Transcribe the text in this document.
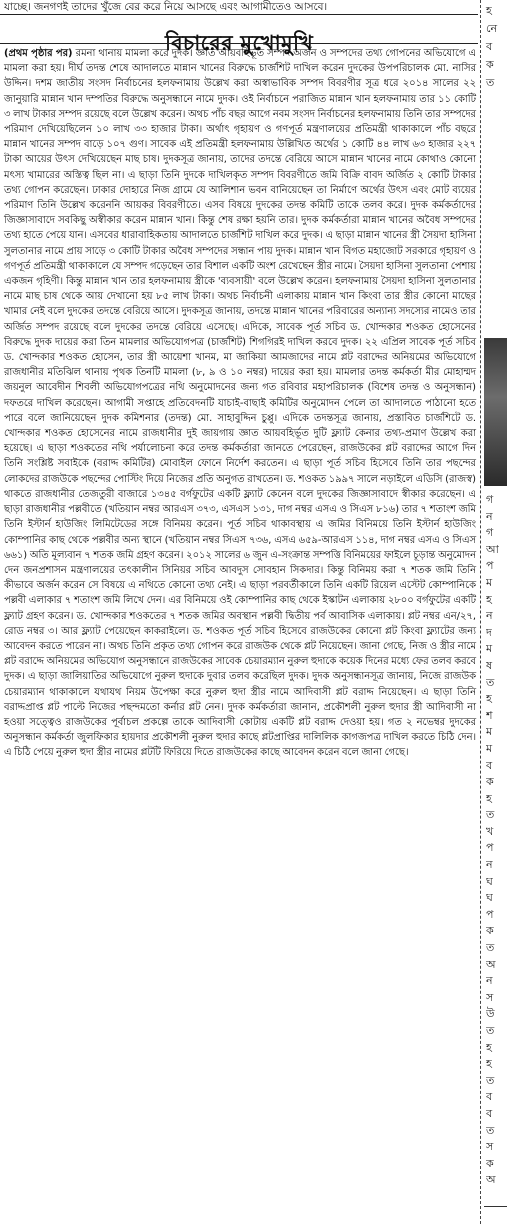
যাচ্ছে। জনগণই তাদের খুঁজে বের করে নিয়ে আসছে এবং আগামীতেও আসবে।
বিচারের মুখোমুখি

(প্রথম পৃষ্ঠার পর) রমনা থানায় মামলা করে দুদক। জ্ঞাত আয়বহির্ভূত সম্পদ অর্জন ও সম্পদের তথ্য গোপনের অভিযোগে এ মামলা করা হয়। দীর্ঘ তদন্ত শেষে আদালতে মান্নান খানের বিরুদ্ধে চার্জশিট দাখিল করেন দুদকের উপপরিচালক মো. নাসির উদ্দিন। দশম জাতীয় সংসদ নির্বাচনের হলফনামায় উল্লেখ করা অস্বাভাবিক সম্পদ বিবরণীর সূত্র ধরে ২০১৪ সালের ২২ জানুয়ারি মান্নান খান দম্পতির বিরুদ্ধে অনুসন্ধানে নামে দুদক। ওই নির্বাচনে পরাজিত মান্নান খান হলফনামায় তার ১১ কোটি ৩ লাখ টাকার সম্পদ রয়েছে বলে উল্লেখ করেন। অথচ পাঁচ বছর আগে নবম সংসদ নির্বাচনের হলফনামায় তিনি তার সম্পদের পরিমাণ দেখিয়েছিলেন ১০ লাখ ৩৩ হাজার টাকা। অর্থাৎ গৃহায়ণ ও গণপূর্ত মন্ত্রণালয়ের প্রতিমন্ত্রী থাকাকালে পাঁচ বছরে মান্নান খানের সম্পদ বাড়ে ১০৭ গুণ। সাবেক এই প্রতিমন্ত্রী হলফনামায় উল্লিখিত অর্থের ১ কোটি ৪৪ লাখ ৬৩ হাজার ২২৭ টাকা আয়ের উৎস দেখিয়েছেন মাছ চাষ। দুদকসূত্র জানায়, তাদের তদন্তে বেরিয়ে আসে মান্নান খানের নামে কোথাও কোনো মৎস্য খামারের অস্তিত্ব ছিল না। এ ছাড়া তিনি দুদকে দাখিলকৃত সম্পদ বিবরণীতে জমি বিক্রি বাবদ অর্জিত ২ কোটি টাকার তথ্য গোপন করেছেন। ঢাকার দোহারে নিজ গ্রামে যে আলিশান ভবন বানিয়েছেন তা নির্মাণে অর্থের উৎস এবং মোট ব্যয়ের পরিমাণ তিনি উল্লেখ করেননি আয়কর বিবরণীতে। এসব বিষয়ে দুদকের তদন্ত কমিটি তাকে তলব করে। দুদক কর্মকর্তাদের জিজ্ঞাসাবাদে সবকিছু অস্বীকার করেন মান্নান খান। কিন্তু শেষ রক্ষা হয়নি তার। দুদক কর্মকর্তারা মান্নান খানের অবৈধ সম্পদের তথ্য হাতে পেয়ে যান। এসবের ধারাবাহিকতায় আদালতে চার্জশিট দাখিল করে দুদক। এ ছাড়া মান্নান খানের স্ত্রী সৈয়দা হাসিনা সুলতানার নামে প্রায় সাড়ে ৩ কোটি টাকার অবৈধ সম্পদের সন্ধান পায় দুদক। মান্নান খান বিগত মহাজোট সরকারে গৃহায়ণ ও গণপূর্ত প্রতিমন্ত্রী থাকাকালে যে সম্পদ গড়েছেন তার বিশাল একটি অংশ রেখেছেন স্ত্রীর নামে। সৈয়দা হাসিনা সুলতানা পেশায় একজন গৃহিণী। কিন্তু মান্নান খান তার হলফনামায় স্ত্রীকে 'ব্যবসায়ী' বলে উল্লেখ করেন। হলফনামায় সৈয়দা হাসিনা সুলতানার নামে মাছ চাষ থেকে আয় দেখানো হয় ৮৫ লাখ টাকা। অথচ নির্বাচনী এলাকায় মান্নান খান কিংবা তার স্ত্রীর কোনো মাছের খামার নেই বলে দুদকের তদন্তে বেরিয়ে আসে। দুদকসূত্র জানায়, তদন্তে মান্নান খানের পরিবারের অন্যান্য সদস্যের নামেও তার অর্জিত সম্পদ রয়েছে বলে দুদকের তদন্তে বেরিয়ে এসেছে। এদিকে, সাবেক পূর্ত সচিব ড. খোন্দকার শওকত হোসেনের বিরুদ্ধে দুদক দায়ের করা তিন মামলার অভিযোগপত্র (চার্জশিট) শিগগিরই দাখিল করবে দুদক। ২২ এপ্রিল সাবেক পূর্ত সচিব ড. খোন্দকার শওকত হোসেন, তার স্ত্রী আয়েশা খানম, মা জাকিয়া আমজাদের নামে প্লট বরাদ্দের অনিয়মের অভিযোগে রাজধানীর মতিঝিল থানায় পৃথক তিনটি মামলা (৮, ৯ ও ১০ নম্বর) দায়ের করা হয়। মামলার তদন্ত কর্মকর্তা মীর মোহাম্মদ জয়নুল আবেদীন শিবলী অভিযোগপত্রের নথি অনুমোদনের জন্য গত রবিবার মহাপরিচালক (বিশেষ তদন্ত ও অনুসন্ধান) দফতরে দাখিল করেছেন। আগামী সপ্তাহে প্রতিবেদনটি যাচাই-বাছাই কমিটির অনুমোদন পেলে তা আদালতে পাঠানো হতে পারে বলে জানিয়েছেন দুদক কমিশনার (তদন্ত) মো. সাহাবুদ্দিন চুপ্পু। এদিকে তদন্তসূত্র জানায়, প্রস্তাবিত চার্জশিটে ড. খোন্দকার শওকত হোসেনের নামে রাজধানীর দুই জায়গায় জ্ঞাত আয়বহির্ভূত দুটি ফ্ল্যাট কেনার তথ্য-প্রমাণ উল্লেখ করা হয়েছে। এ ছাড়া শওকতের নথি পর্যালোচনা করে তদন্ত কর্মকর্তারা জানতে পেরেছেন, রাজউকের প্লট বরাদ্দের আগে দিন তিনি সংশ্লিষ্ট সবাইকে (বরাদ্দ কমিটির) মোবাইল ফোনে নির্দেশ করতেন। এ ছাড়া পূর্ত সচিব হিসেবে তিনি তার পছন্দের লোকদের রাজউকে পছন্দের পোস্টিং দিয়ে নিজের প্রতি অনুগত রাখতেন। ড. শওকত ১৯৯৭ সালে নড়াইলে এডিসি (রাজস্ব) থাকতে রাজধানীর তেজতুরী বাজারে ১৩৪৫ বর্গফুটের একটি ফ্ল্যাট কেনেন বলে দুদকের জিজ্ঞাসাবাদে স্বীকার করেছেন। এ ছাড়া রাজধানীর পল্লবীতে (খতিয়ান নম্বর আরএস ৩৭৩, এসএস ১৩১, দাগ নম্বর এসএ ও সিএস ৮১৬) তার ৭ শতাংশ জমি তিনি ইস্টার্ন হাউজিং লিমিটেডের সঙ্গে বিনিময় করেন। পূর্ত সচিব থাকাবস্থায় এ জমির বিনিময়ে তিনি ইস্টার্ন হাউজিং কোম্পানির কাছ থেকে পল্লবীর অন্য স্থানে (খতিয়ান নম্বর সিএস ৭৩৬, এসএ ৬৫৯-আরএস ১১৪, দাগ নম্বর এসএ ও সিএস ৬৬১) অতি মূল্যবান ৭ শতক জমি গ্রহণ করেন। ২০১২ সালের ৬ জুন এ-সংক্রান্ত সম্পত্তি বিনিময়ের ফাইলে চূড়ান্ত অনুমোদন দেন জনপ্রশাসন মন্ত্রণালয়ের তৎকালীন সিনিয়র সচিব আবদুস সোবহান সিকদার। কিন্তু বিনিময় করা ৭ শতক জমি তিনি কীভাবে অর্জন করেন সে বিষয়ে এ নথিতে কোনো তথ্য নেই। এ ছাড়া পরবর্তীকালে তিনি একটি রিয়েল এস্টেট কোম্পানিকে পল্লবী এলাকার ৭ শতাংশ জমি লিখে দেন। এর বিনিময়ে ওই কোম্পানির কাছ থেকে ইস্কাটন এলাকায় ২৮০০ বর্গফুটের একটি ফ্ল্যাট গ্রহণ করেন। ড. খোন্দকার শওকতের ৭ শতক জমির অবস্থান পল্লবী দ্বিতীয় পর্ব আবাসিক এলাকায়। প্লট নম্বর এন/২৭, রোড নম্বর ৩। আর ফ্ল্যাট পেয়েছেন কাকরাইলে। ড. শওকত পূর্ত সচিব হিসেবে রাজউকের কোনো প্লট কিংবা ফ্ল্যাটের জন্য আবেদন করতে পারেন না। অথচ তিনি প্রকৃত তথ্য গোপন করে রাজউক থেকে প্লট নিয়েছেন। জানা গেছে, নিজ ও স্ত্রীর নামে প্লট বরাদ্দে অনিয়মের অভিযোগ অনুসন্ধানে রাজউকের সাবেক চেয়ারম্যান নুরুল হুদাকে কয়েক দিনের মধ্যে ফের তলব করবে দুদক। এ ছাড়া জালিয়াতির অভিযোগে নুরুল হুদাকে দুবার তলব করেছিল দুদক। দুদক অনুসন্ধানসূত্র জানায়, নিজে রাজউক চেয়ারম্যান থাকাকালে যথাযথ নিয়ম উপেক্ষা করে নুরুল হুদা স্ত্রীর নামে আদিবাসী প্লট বরাদ্দ নিয়েছেন। এ ছাড়া তিনি বরাদ্দপ্রাপ্ত প্লট পাল্টে নিজের পছন্দমতো কর্নার প্লট নেন। দুদক কর্মকর্তারা জানান, প্রকৌশলী নুরুল হুদার স্ত্রী আদিবাসী না হওয়া সত্ত্বেও রাজউকের পূর্বাচল প্রকল্পে তাকে আদিবাসী কোটায় একটি প্লট বরাদ্দ দেওয়া হয়। গত ২ নভেম্বর দুদকের অনুসন্ধান কর্মকর্তা জুলফিকার হায়দার প্রকৌশলী নুরুল হুদার কাছে প্লটপ্রাপ্তির দালিলিক কাগজপত্র দাখিল করতে চিঠি দেন। এ চিঠি পেয়ে নুরুল হুদা স্ত্রীর নামের প্লটটি ফিরিয়ে দিতে রাজউকের কাছে আবেদন করেন বলে জানা গেছে।

হ
নে
ব
ক
ত
গ
ন
গ
আ
প
ম
হ
ন
দ
ম
ষ
ত
হ
শ
ম
ম
ব
ক
হ
ত
খ
প
ন
ঘ
ঘ
প
ক
ত
অ
ন
স
উ
ত
হ
হ
ত
ব
ব
ত
স
ক
অ
